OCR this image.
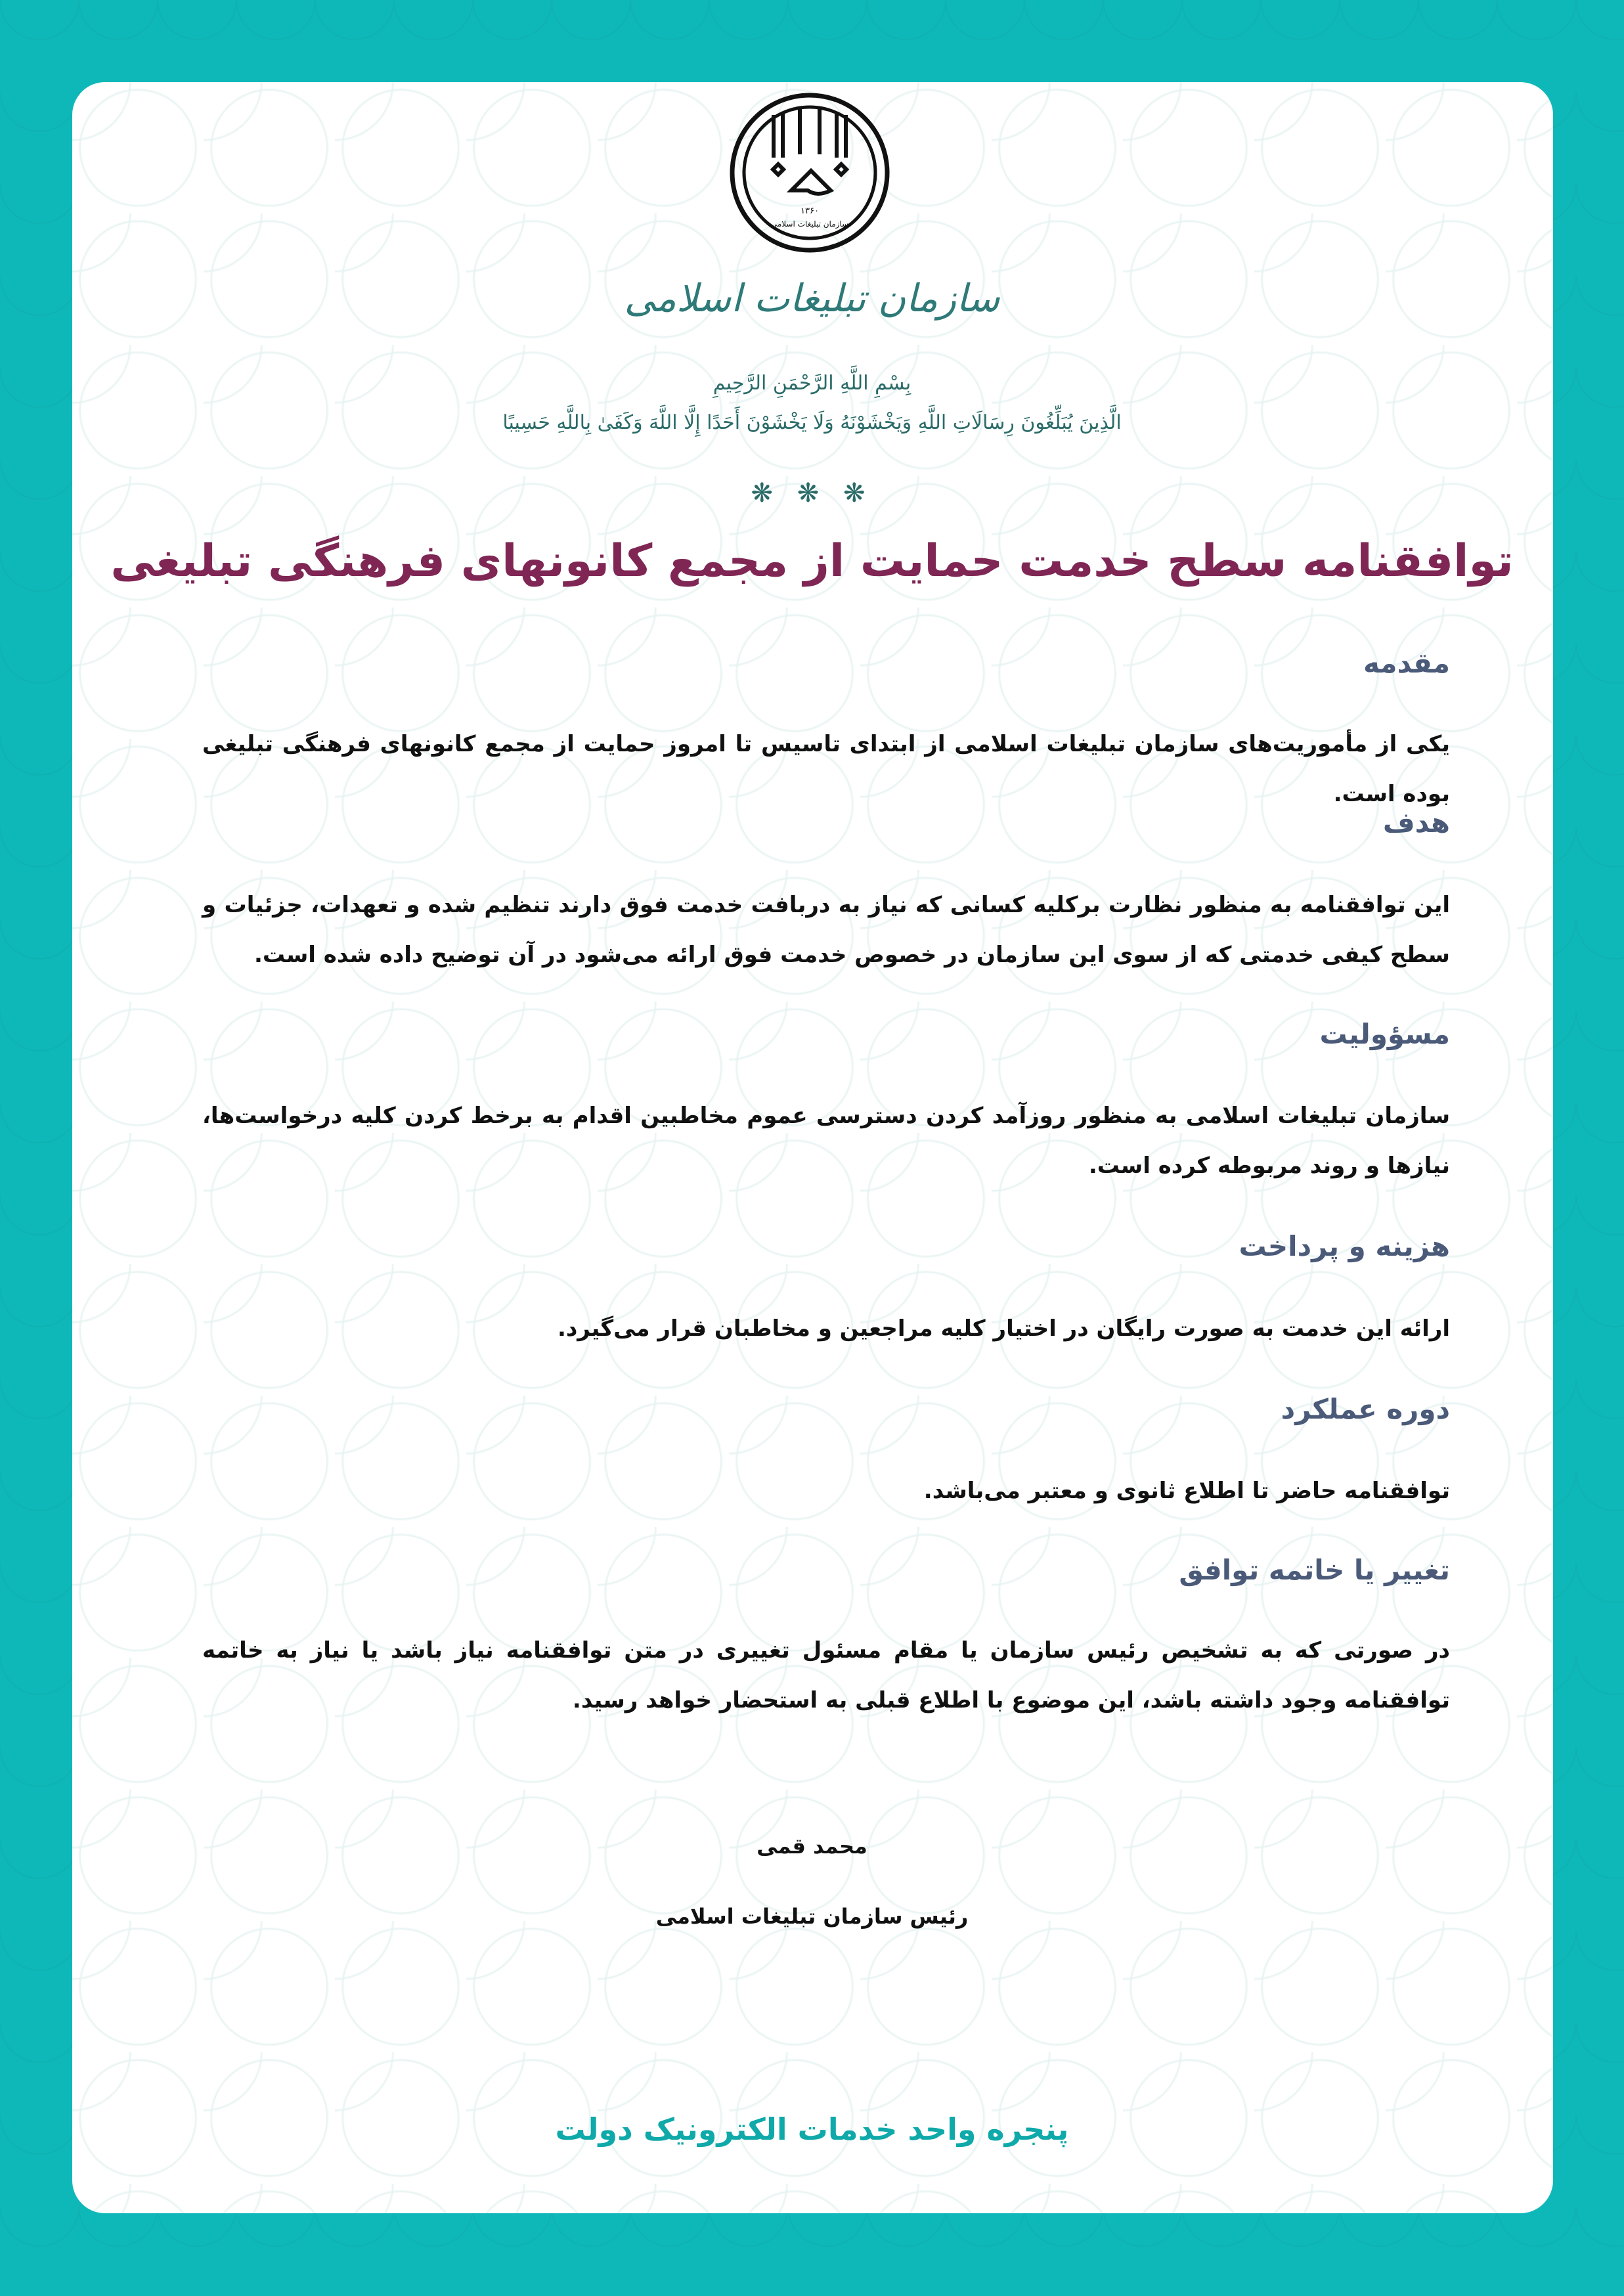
۱۳۶۰
سازمان تبلیغات اسلامی
سازمان تبلیغات اسلامی
بِسْمِ اللَّهِ الرَّحْمَنِ الرَّحِيمِ
الَّذِينَ يُبَلِّغُونَ رِسَالَاتِ اللَّهِ وَيَخْشَوْنَهُ وَلَا يَخْشَوْنَ أَحَدًا إِلَّا اللَّهَ وَكَفَىٰ بِاللَّهِ حَسِيبًا
❋ ❋ ❋
توافقنامه سطح خدمت حمایت از مجمع کانونهای فرهنگی تبلیغی
مقدمه
یکی از مأموریت‌های سازمان تبلیغات اسلامی از ابتدای تاسیس تا امروز حمایت از مجمع کانونهای فرهنگی تبلیغی بوده است.
هدف
این توافقنامه به منظور نظارت برکلیه کسانی که نیاز به دربافت خدمت فوق دارند تنظیم شده و تعهدات، جزئیات و سطح کیفی خدمتی که از سوی این سازمان در خصوص خدمت فوق ارائه می‌شود در آن توضیح داده شده است.
مسؤولیت
سازمان تبلیغات اسلامی به منظور روزآمد کردن دسترسی عموم مخاطبین اقدام به برخط کردن کلیه درخواست‌ها، نیازها و روند مربوطه کرده است.
هزینه و پرداخت
ارائه این خدمت به صورت رایگان در اختیار کلیه مراجعین و مخاطبان قرار می‌گیرد.
دوره عملکرد
توافقنامه حاضر تا اطلاع ثانوی و معتبر می‌باشد.
تغییر یا خاتمه توافق
در صورتی که به تشخیص رئیس سازمان یا مقام مسئول تغییری در متن توافقنامه نیاز باشد یا نیاز به خاتمه توافقنامه وجود داشته باشد، این موضوع با اطلاع قبلی به استحضار خواهد رسید.
محمد قمی
رئیس سازمان تبلیغات اسلامی
پنجره واحد خدمات الکترونیک دولت
